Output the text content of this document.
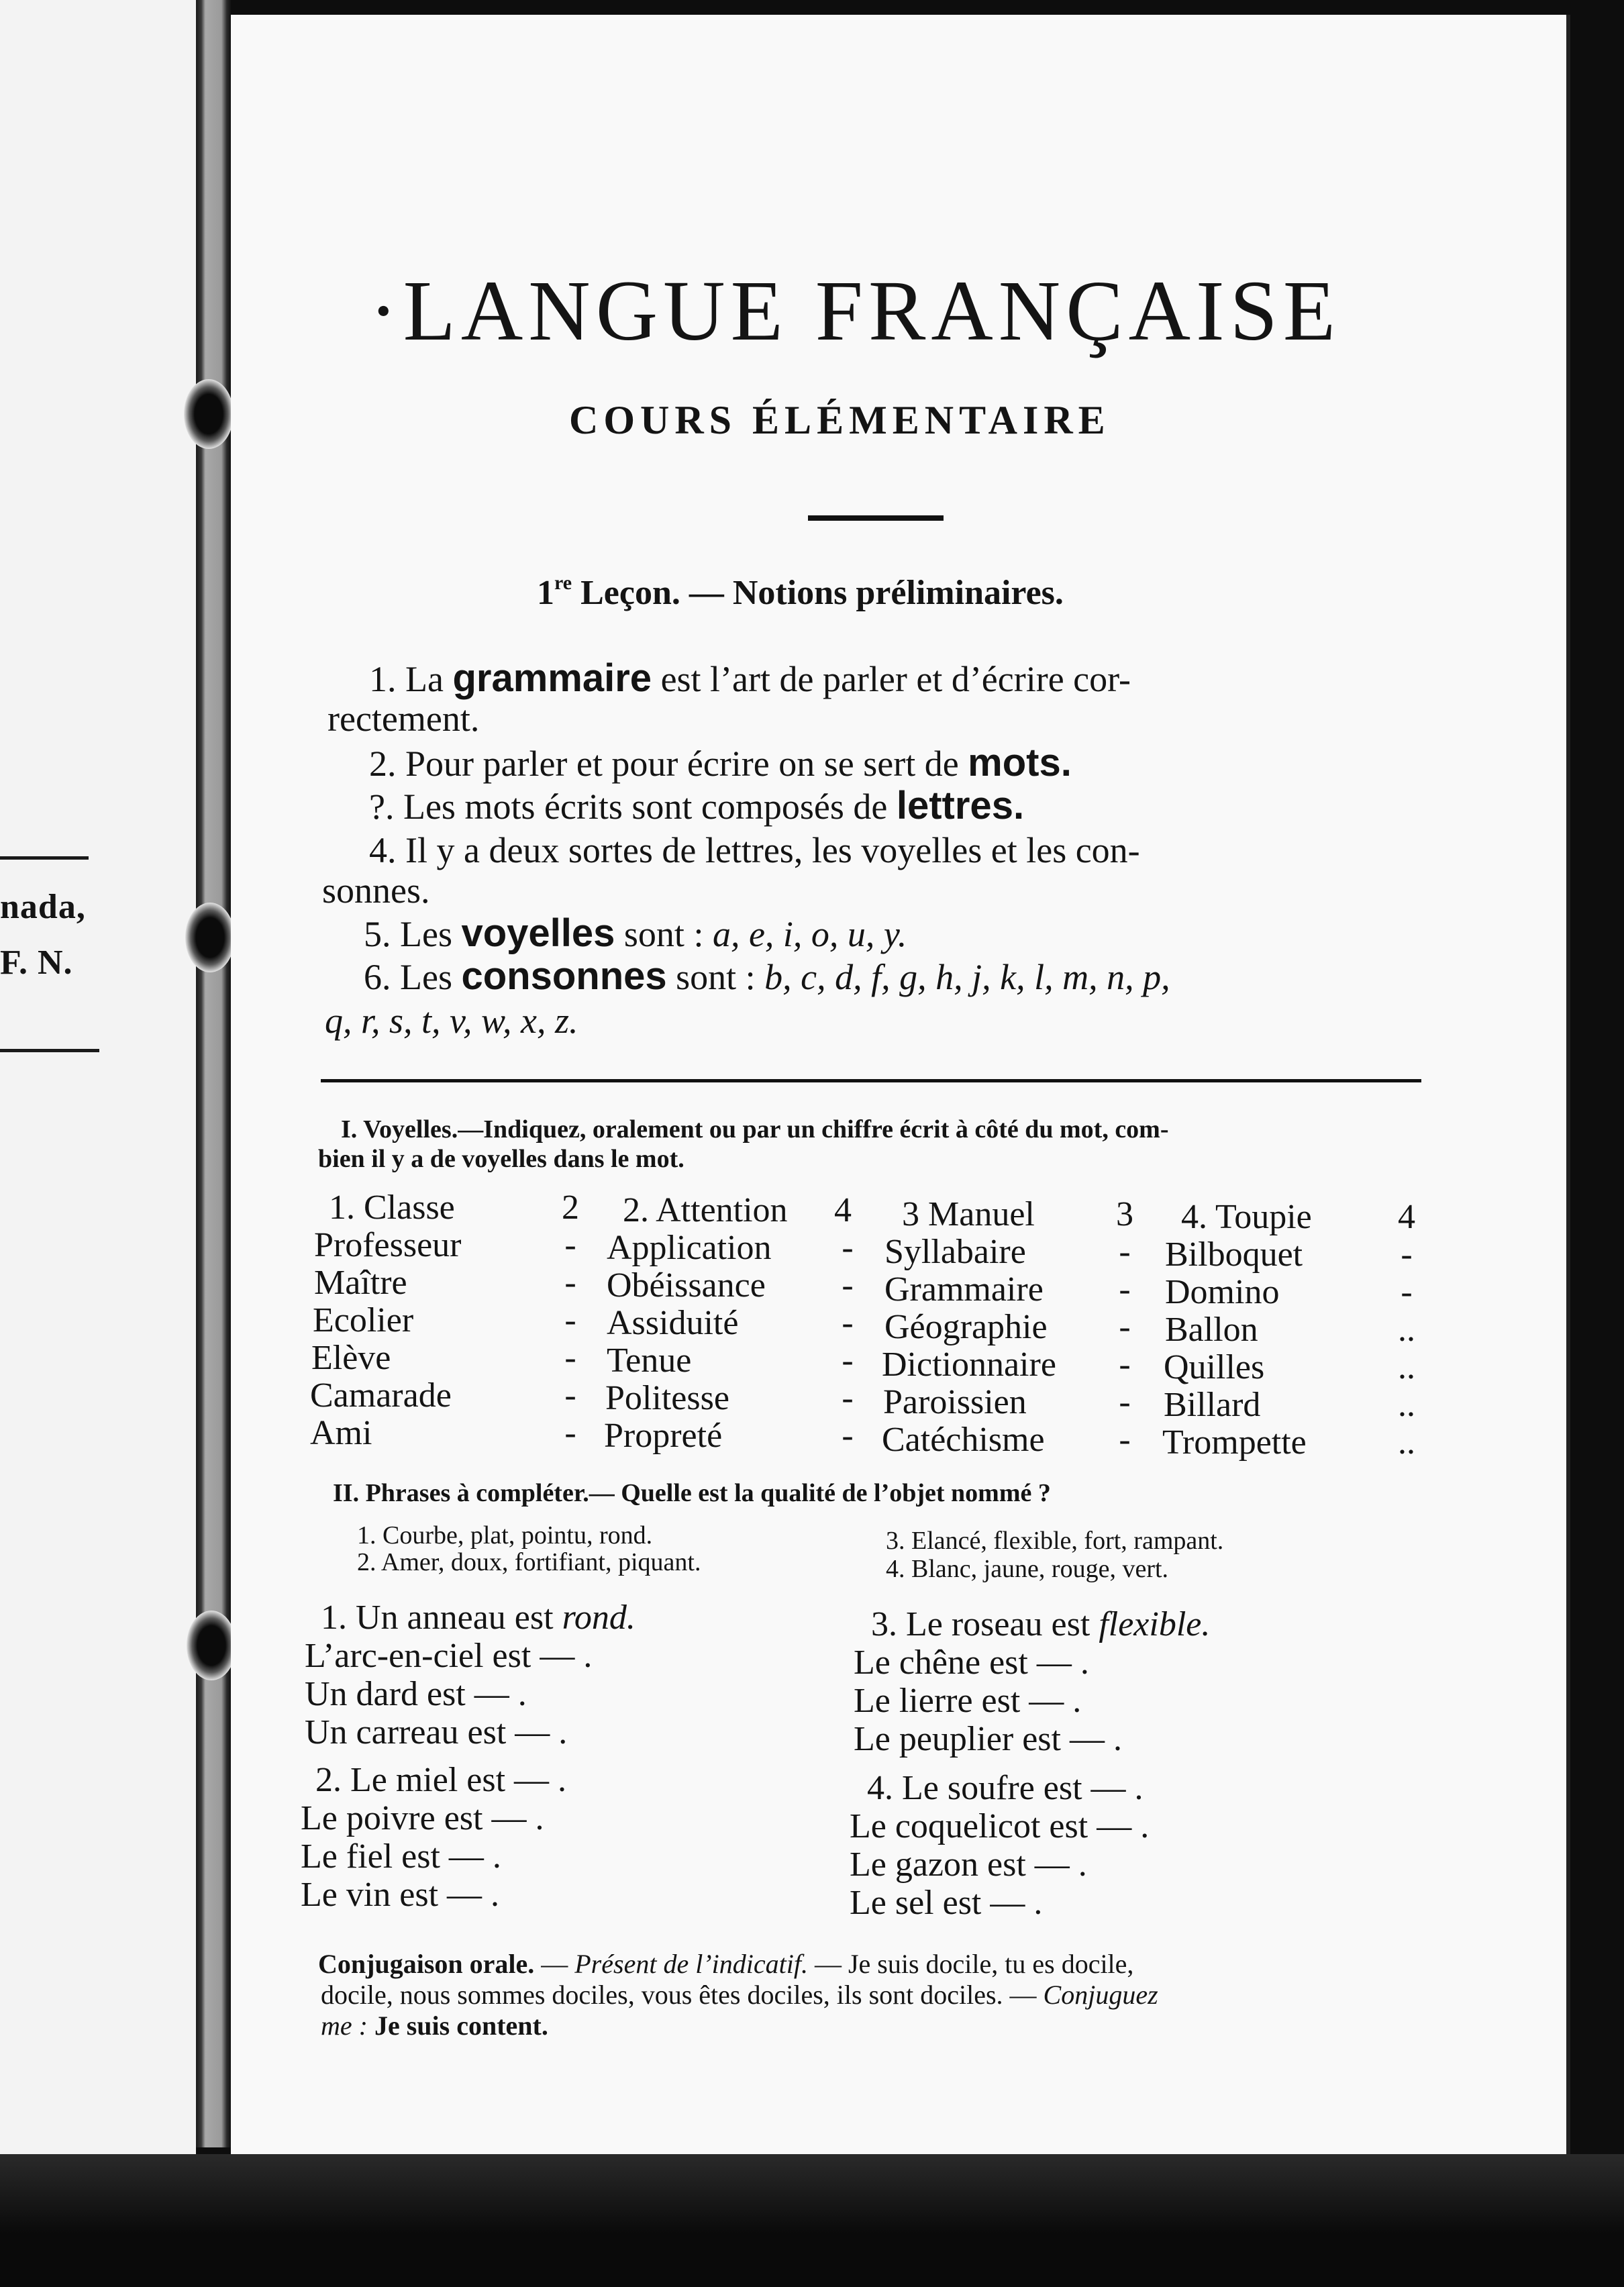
nada,
F. N.
·LANGUE FRANÇAISE
COURS ÉLÉMENTAIRE
1re Leçon. — Notions préliminaires.
1. La grammaire est l’art de parler et d’écrire cor-
rectement.
2. Pour parler et pour écrire on se sert de mots.
?. Les mots écrits sont composés de lettres.
4. Il y a deux sortes de lettres, les voyelles et les con-
sonnes.
5. Les voyelles sont : a, e, i, o, u, y.
6. Les consonnes sont : b, c, d, f, g, h, j, k, l, m, n, p,
q, r, s, t, v, w, x, z.
I. Voyelles.—Indiquez, oralement ou par un chiffre écrit à côté du mot, com-
bien il y a de voyelles dans le mot.
1. Classe
Professeur
Maître
Ecolier
Elève
Camarade
Ami
2
-
-
-
-
-
-
2. Attention
Application
Obéissance
Assiduité
Tenue
Politesse
Propreté
4
-
-
-
-
-
-
3 Manuel
Syllabaire
Grammaire
Géographie
Dictionnaire
Paroissien
Catéchisme
3
-
-
-
-
-
-
4. Toupie
Bilboquet
Domino
Ballon
Quilles
Billard
Trompette
4
-
-
..
..
..
..
II. Phrases à compléter.— Quelle est la qualité de l’objet nommé ?
1. Courbe, plat, pointu, rond.
2. Amer, doux, fortifiant, piquant.
3. Elancé, flexible, fort, rampant.
4. Blanc, jaune, rouge, vert.
1. Un anneau est rond.
L’arc-en-ciel est — .
Un dard est — .
Un carreau est — .
2. Le miel est — .
Le poivre est — .
Le fiel est — .
Le vin est — .
3. Le roseau est flexible.
Le chêne est — .
Le lierre est — .
Le peuplier est — .
4. Le soufre est — .
Le coquelicot est — .
Le gazon est — .
Le sel est — .
Conjugaison orale. — Présent de l’indicatif. — Je suis docile, tu es docile,
docile, nous sommes dociles, vous êtes dociles, ils sont dociles. — Conjuguez
me : Je suis content.
